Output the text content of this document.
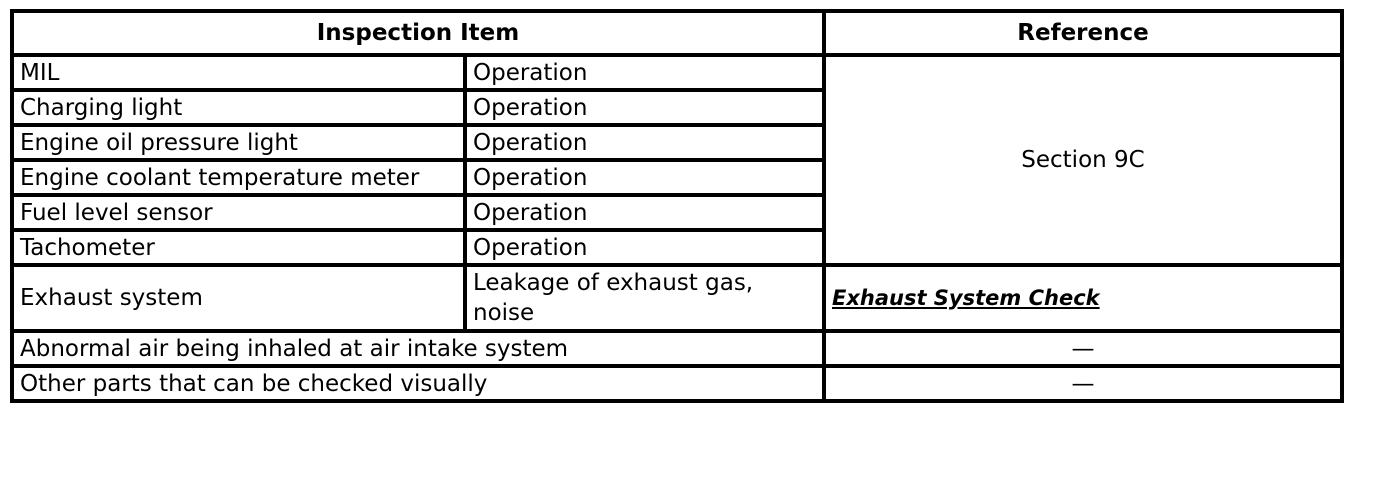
Inspection Item		Reference
MIL	Operation	Section 9C
Charging light	Operation	
Engine oil pressure light	Operation	
Engine coolant temperature meter	Operation	
Fuel level sensor	Operation	
Tachometer	Operation	
Exhaust system	Leakage of exhaust gas, noise	Exhaust System Check
Abnormal air being inhaled at air intake system		—
Other parts that can be checked visually		—
